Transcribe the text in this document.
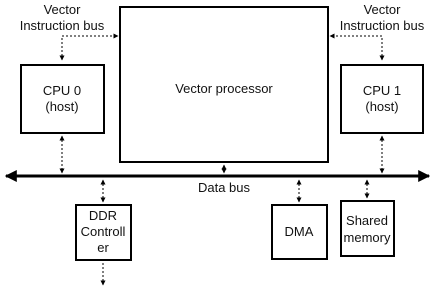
Vector processor
CPU 0
(host)
CPU 1
(host)
Vector
Instruction bus
Vector
Instruction bus
Data bus
DDR
Controll
er
DMA
Shared
memory
